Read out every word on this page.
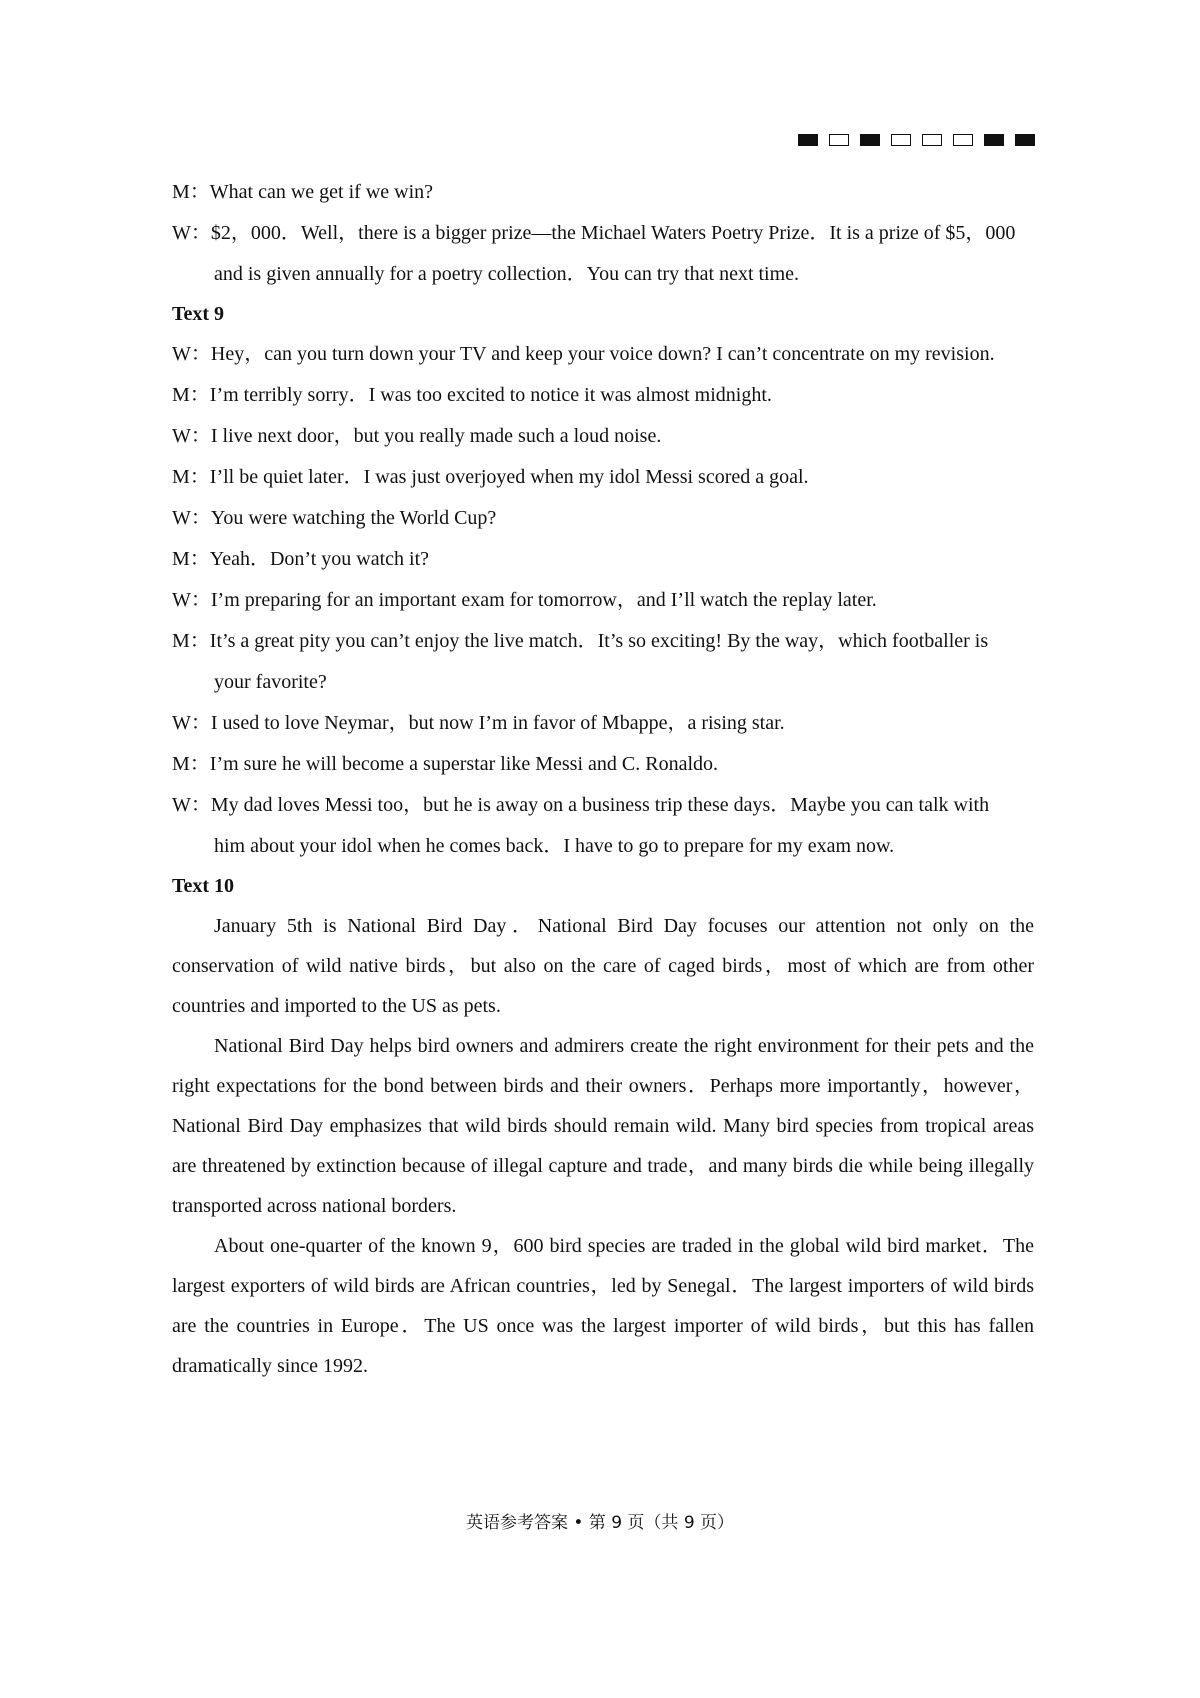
M：What can we get if we win?
W：$2，000．Well，there is a bigger prize—the Michael Waters Poetry Prize．It is a prize of $5，000
and is given annually for a poetry collection．You can try that next time.
Text 9
W：Hey，can you turn down your TV and keep your voice down? I can’t concentrate on my revision.
M：I’m terribly sorry．I was too excited to notice it was almost midnight.
W：I live next door，but you really made such a loud noise.
M：I’ll be quiet later．I was just overjoyed when my idol Messi scored a goal.
W：You were watching the World Cup?
M：Yeah．Don’t you watch it?
W：I’m preparing for an important exam for tomorrow，and I’ll watch the replay later.
M：It’s a great pity you can’t enjoy the live match．It’s so exciting! By the way，which footballer is
your favorite?
W：I used to love Neymar，but now I’m in favor of Mbappe，a rising star.
M：I’m sure he will become a superstar like Messi and C. Ronaldo.
W：My dad loves Messi too，but he is away on a business trip these days．Maybe you can talk with
him about your idol when he comes back．I have to go to prepare for my exam now.
Text 10

January 5th is National Bird Day．National Bird Day focuses our attention not only on the conservation of wild native birds，but also on the care of caged birds，most of which are from other countries and imported to the US as pets.

National Bird Day helps bird owners and admirers create the right environment for their pets and the right expectations for the bond between birds and their owners．Perhaps more importantly，however，National Bird Day emphasizes that wild birds should remain wild. Many bird species from tropical areas are threatened by extinction because of illegal capture and trade，and many birds die while being illegally transported across national borders.

About one-quarter of the known 9，600 bird species are traded in the global wild bird market．The largest exporters of wild birds are African countries，led by Senegal．The largest importers of wild birds are the countries in Europe．The US once was the largest importer of wild birds，but this has fallen dramatically since 1992.

英语参考答案 • 第 9 页（共 9 页）
